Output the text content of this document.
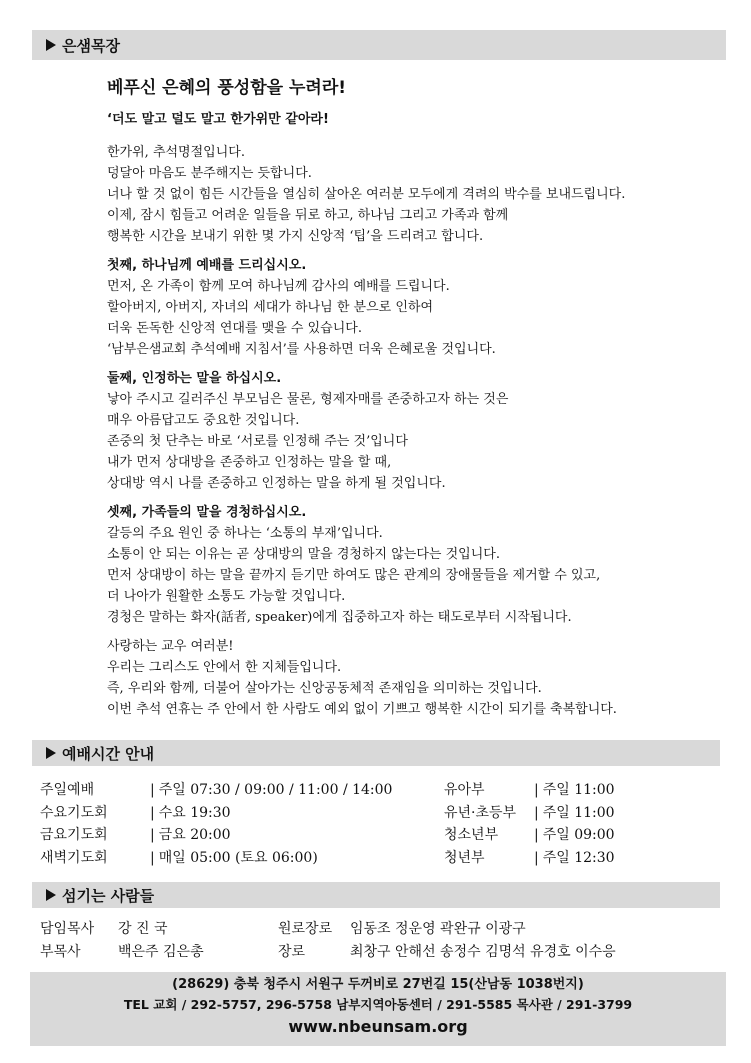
은샘목장
베푸신 은혜의 풍성함을 누려라!
‘더도 말고 덜도 말고 한가위만 같아라!
한가위, 추석명절입니다.
덩달아 마음도 분주해지는 듯합니다.
너나 할 것 없이 힘든 시간들을 열심히 살아온 여러분 모두에게 격려의 박수를 보내드립니다.
이제, 잠시 힘들고 어려운 일들을 뒤로 하고, 하나님 그리고 가족과 함께
행복한 시간을 보내기 위한 몇 가지 신앙적 ‘팁’을 드리려고 합니다.
첫째, 하나님께 예배를 드리십시오.
먼저, 온 가족이 함께 모여 하나님께 감사의 예배를 드립니다.
할아버지, 아버지, 자녀의 세대가 하나님 한 분으로 인하여
더욱 돈독한 신앙적 연대를 맺을 수 있습니다.
‘남부은샘교회 추석예배 지침서’를 사용하면 더욱 은혜로울 것입니다.
둘째, 인정하는 말을 하십시오.
낳아 주시고 길러주신 부모님은 물론, 형제자매를 존중하고자 하는 것은
매우 아름답고도 중요한 것입니다.
존중의 첫 단추는 바로 ‘서로를 인정해 주는 것’입니다
내가 먼저 상대방을 존중하고 인정하는 말을 할 때,
상대방 역시 나를 존중하고 인정하는 말을 하게 될 것입니다.
셋째, 가족들의 말을 경청하십시오.
갈등의 주요 원인 중 하나는 ‘소통의 부재’입니다.
소통이 안 되는 이유는 곧 상대방의 말을 경청하지 않는다는 것입니다.
먼저 상대방이 하는 말을 끝까지 듣기만 하여도 많은 관계의 장애물들을 제거할 수 있고,
더 나아가 원활한 소통도 가능할 것입니다.
경청은 말하는 화자(話者, speaker)에게 집중하고자 하는 태도로부터 시작됩니다.
사랑하는 교우 여러분!
우리는 그리스도 안에서 한 지체들입니다.
즉, 우리와 함께, 더불어 살아가는 신앙공동체적 존재임을 의미하는 것입니다.
이번 추석 연휴는 주 안에서 한 사람도 예외 없이 기쁘고 행복한 시간이 되기를 축복합니다.
예배시간 안내
주일예배	| 주일 07:30 / 09:00 / 11:00 / 14:00
수요기도회	| 수요 19:30
금요기도회	| 금요 20:00
새벽기도회	| 매일 05:00 (토요 06:00)
유아부	| 주일 11:00
유년·초등부	| 주일 11:00
청소년부	| 주일 09:00
청년부	| 주일 12:30
섬기는 사람들
담임목사	강 진 국
부목사	백은주 김은총
원로장로	임동조 정운영 곽완규 이광구
장로	최창구 안해선 송정수 김명석 유경호 이수응
(28629) 충북 청주시 서원구 두꺼비로 27번길 15(산남동 1038번지)
TEL 교회 / 292-5757, 296-5758 남부지역아동센터 / 291-5585 목사관 / 291-3799
www.nbeunsam.org
